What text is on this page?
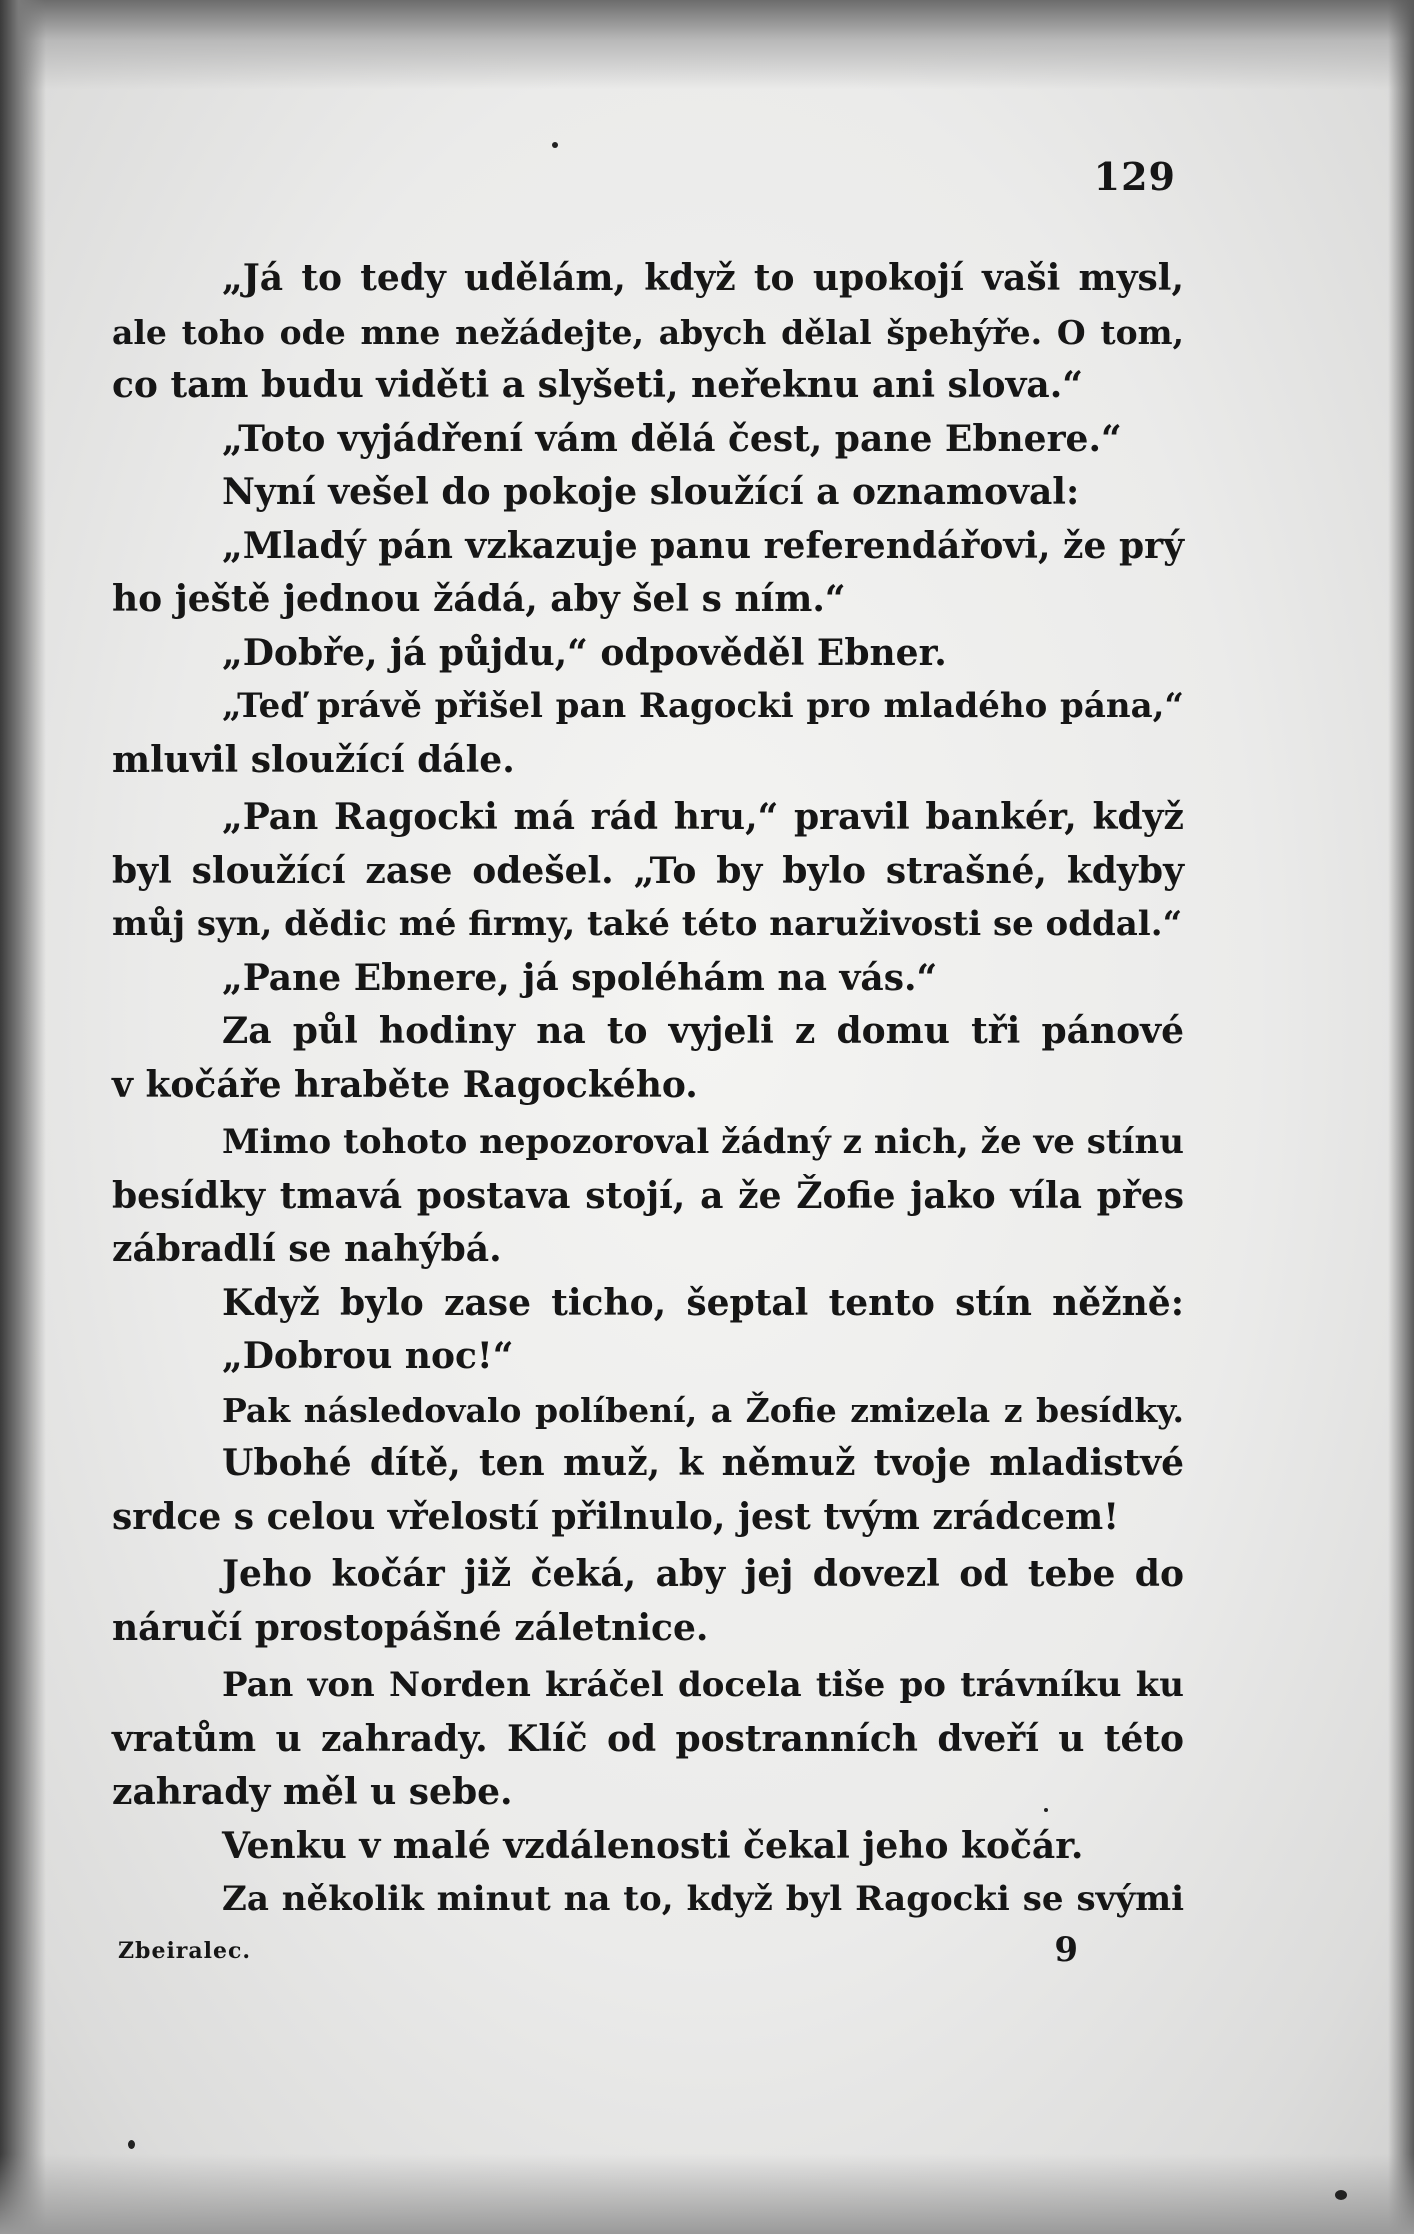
129
„Já to tedy udělám, když to upokojí vaši mysl,
ale toho ode mne nežádejte, abych dělal špehýře. O tom,
co tam budu viděti a slyšeti, neřeknu ani slova.“
„Toto vyjádření vám dělá čest, pane Ebnere.“
Nyní vešel do pokoje sloužící a oznamoval:
„Mladý pán vzkazuje panu referendářovi, že prý
ho ještě jednou žádá, aby šel s ním.“
„Dobře, já půjdu,“ odpověděl Ebner.
„Teď právě přišel pan Ragocki pro mladého pána,“
mluvil sloužící dále.
„Pan Ragocki má rád hru,“ pravil bankér, když
byl sloužící zase odešel. „To by bylo strašné, kdyby
můj syn, dědic mé firmy, také této naruživosti se oddal.“
„Pane Ebnere, já spoléhám na vás.“
Za půl hodiny na to vyjeli z domu tři pánové
v kočáře hraběte Ragockého.
Mimo tohoto nepozoroval žádný z nich, že ve stínu
besídky tmavá postava stojí, a že Žofie jako víla přes
zábradlí se nahýbá.
Když bylo zase ticho, šeptal tento stín něžně:
„Dobrou noc!“
Pak následovalo políbení, a Žofie zmizela z besídky.
Ubohé dítě, ten muž, k němuž tvoje mladistvé
srdce s celou vřelostí přilnulo, jest tvým zrádcem!
Jeho kočár již čeká, aby jej dovezl od tebe do
náručí prostopášné záletnice.
Pan von Norden kráčel docela tiše po trávníku ku
vratům u zahrady. Klíč od postranních dveří u této
zahrady měl u sebe.
Venku v malé vzdálenosti čekal jeho kočár.
Za několik minut na to, když byl Ragocki se svými
Zbeiralec.	9
